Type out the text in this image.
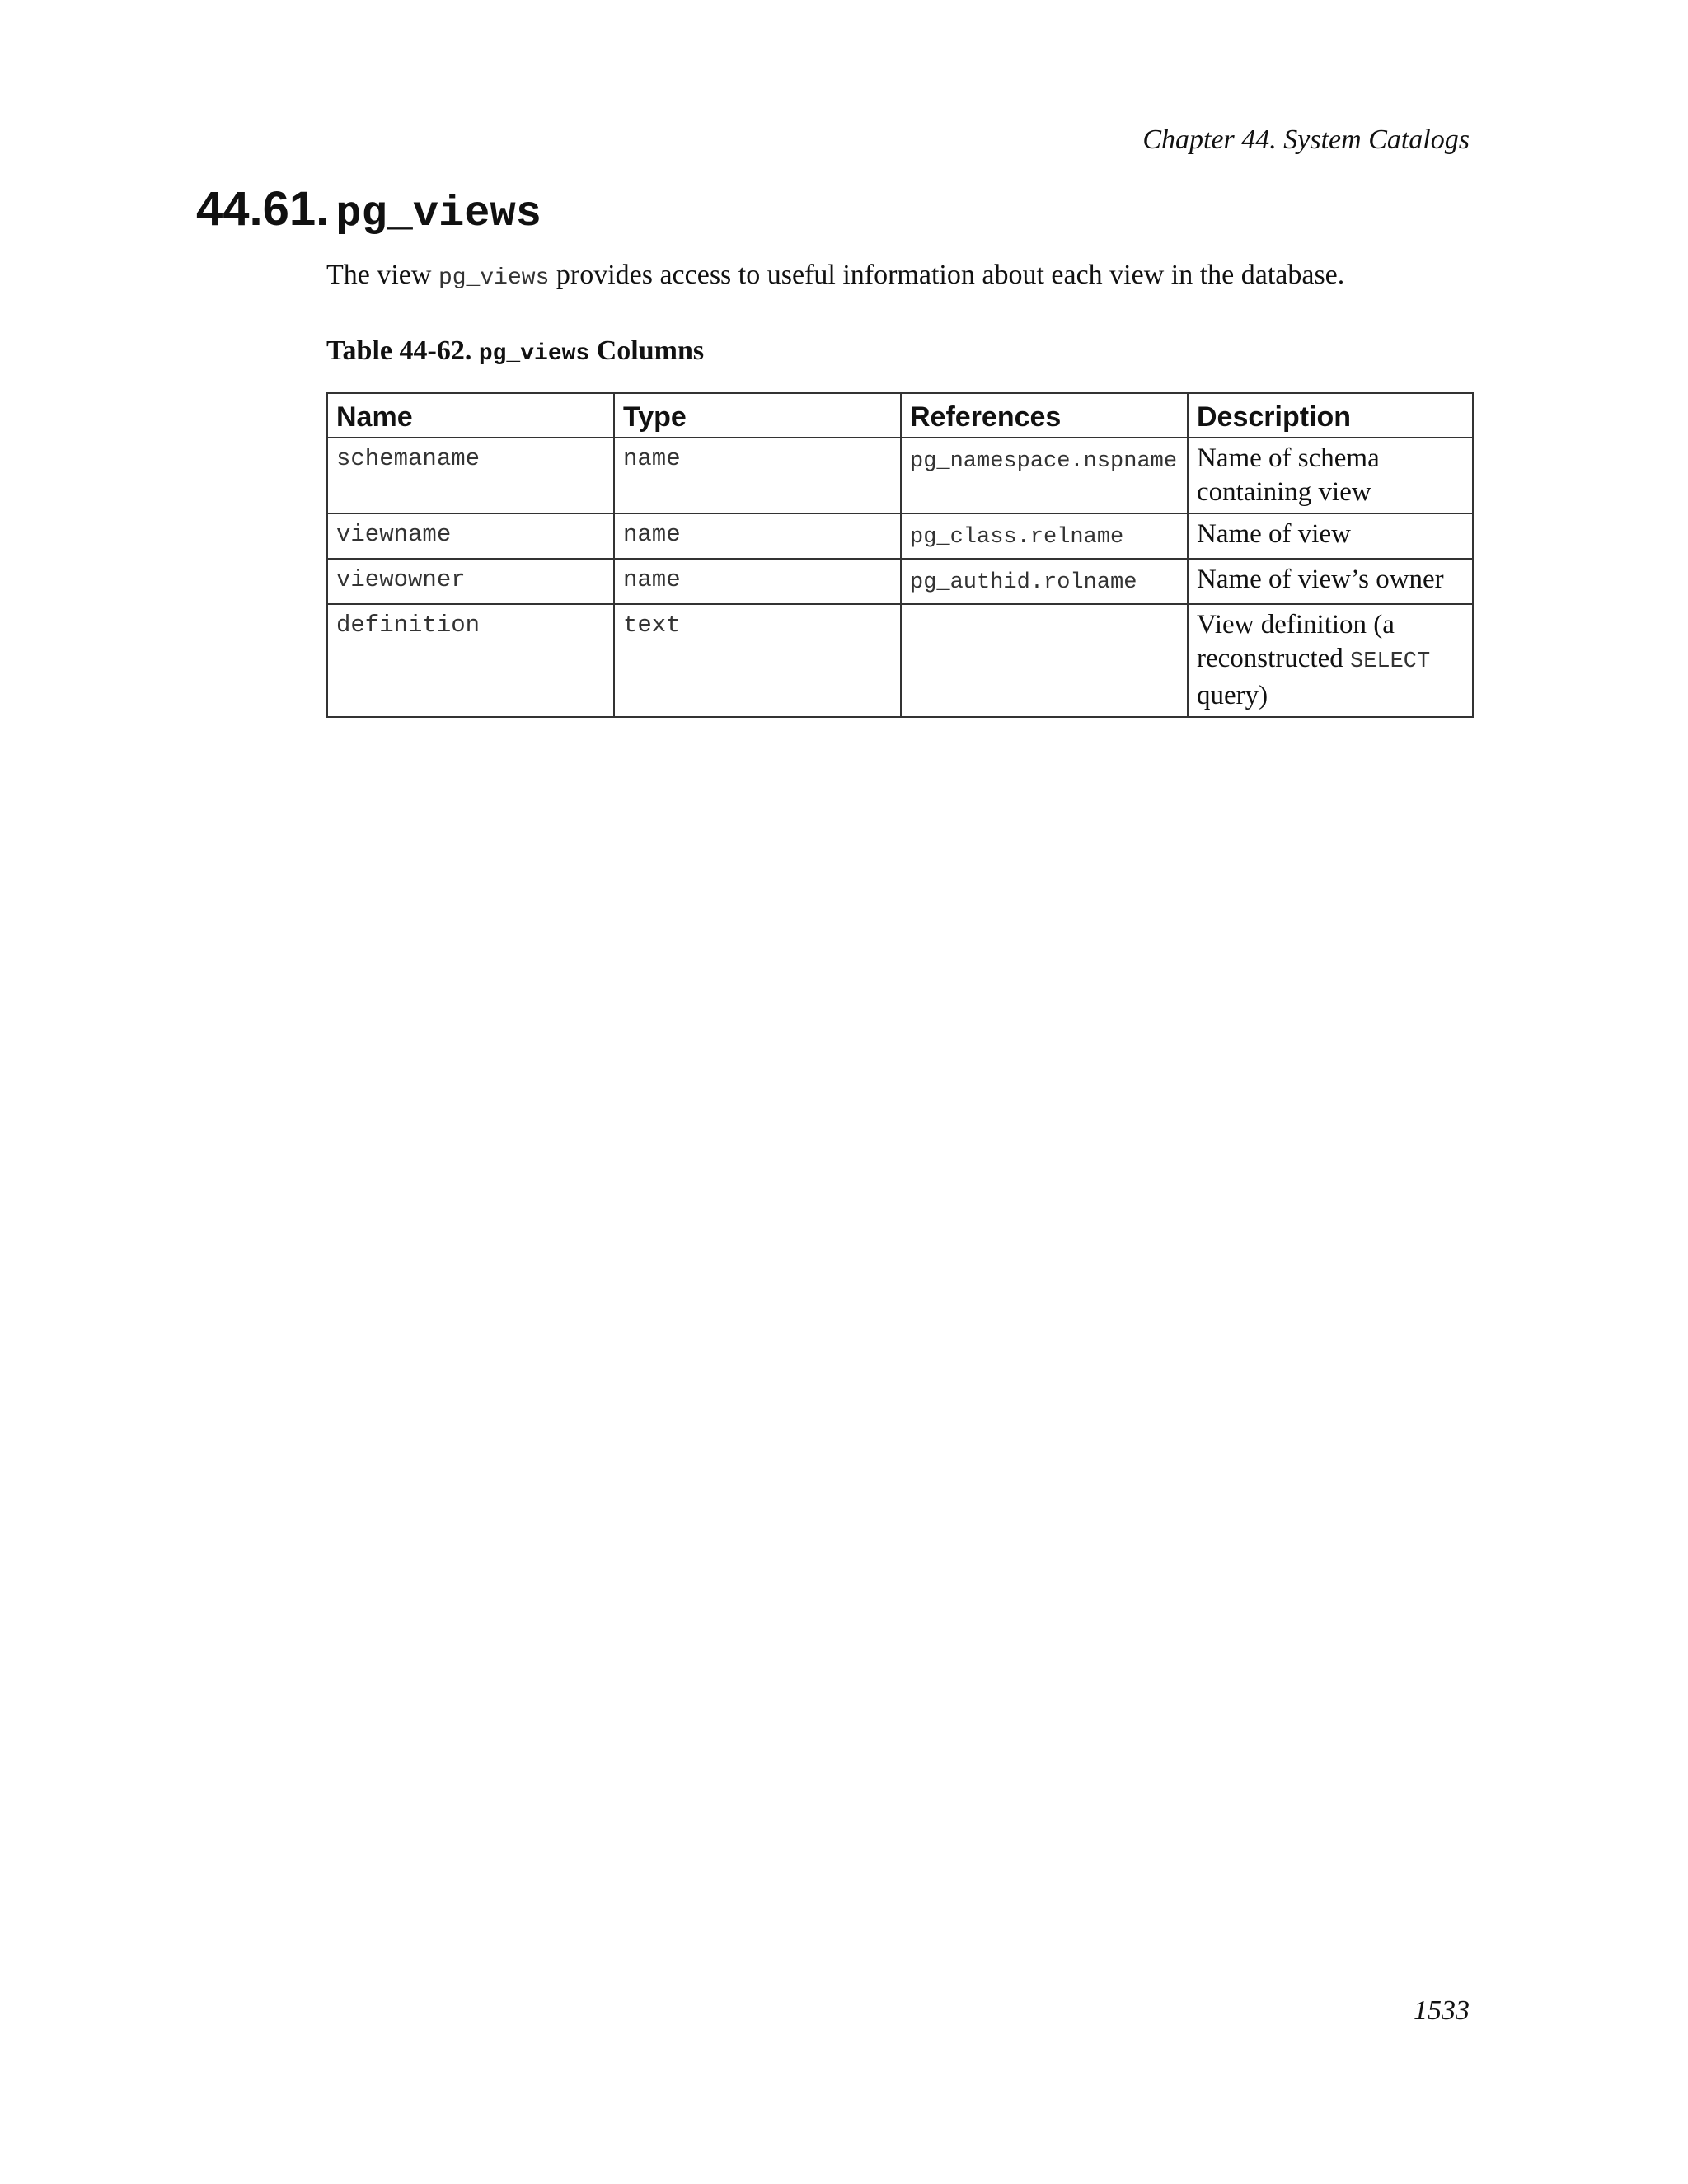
Chapter 44. System Catalogs
44.61. pg_views

The view pg_views provides access to useful information about each view in the database.

Table 44-62. pg_views Columns

Name	Type	References	Description
schemaname	name	pg_namespace.nspname	Name of schema containing view
viewname	name	pg_class.relname	Name of view
viewowner	name	pg_authid.rolname	Name of view’s owner
definition	text		View definition (a reconstructed SELECT query)
1533
